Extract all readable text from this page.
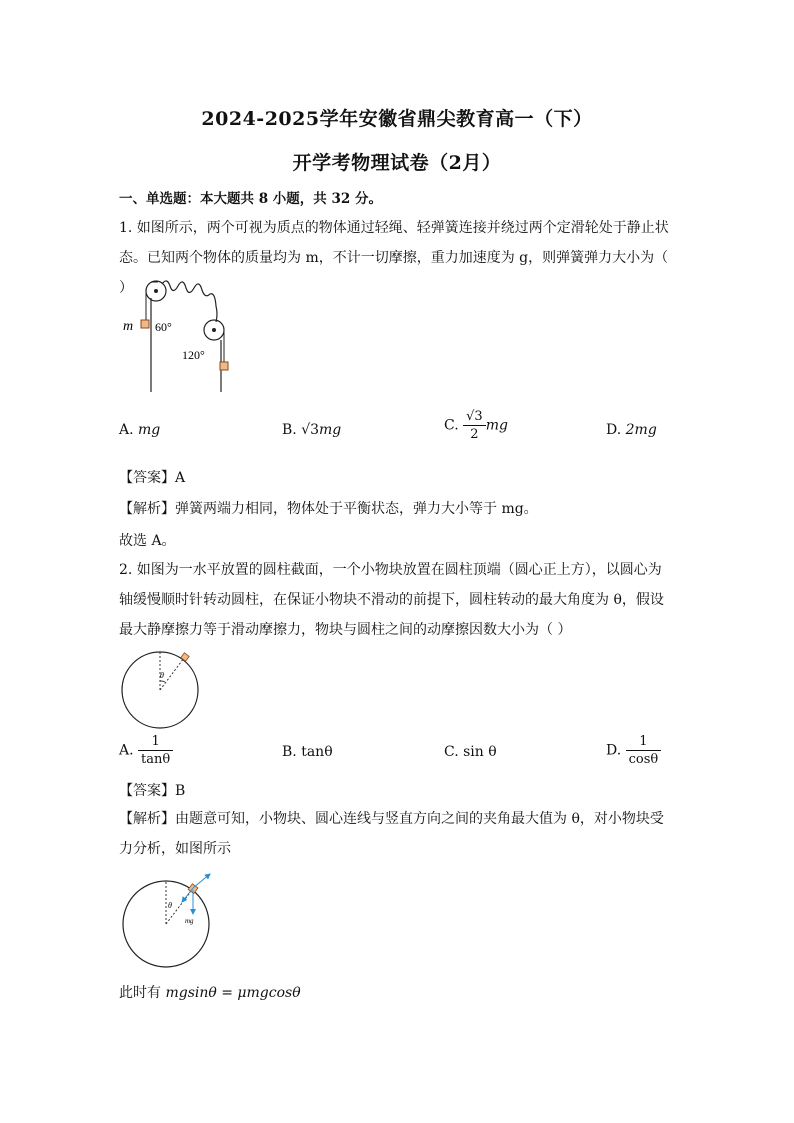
2024-2025学年安徽省鼎尖教育高一（下）
开学考物理试卷（2月）
一、单选题：本大题共 8 小题，共 32 分。
1. 如图所示，两个可视为质点的物体通过轻绳、轻弹簧连接并绕过两个定滑轮处于静止状
态。已知两个物体的质量均为 m，不计一切摩擦，重力加速度为 g，则弹簧弹力大小为（ ）
m 60°
120°
A. mg	B. √3mg	C. $\frac{√3}{2}$ mg	D. 2mg
【答案】A
【解析】弹簧两端力相同，物体处于平衡状态，弹力大小等于 mg。
故选 A。
2. 如图为一水平放置的圆柱截面，一个小物块放置在圆柱顶端（圆心正上方），以圆心为
轴缓慢顺时针转动圆柱，在保证小物块不滑动的前提下，圆柱转动的最大角度为 θ，假设
最大静摩擦力等于滑动摩擦力，物块与圆柱之间的动摩擦因数大小为（ ）
θ
A. $\frac{1}{\tan\theta}$	B. tanθ	C. sin θ	D. $\frac{1}{\cos\theta}$
【答案】B
【解析】由题意可知，小物块、圆心连线与竖直方向之间的夹角最大值为 θ，对小物块受
力分析，如图所示
θ
mg
此时有 mgsinθ = μmgcosθ
